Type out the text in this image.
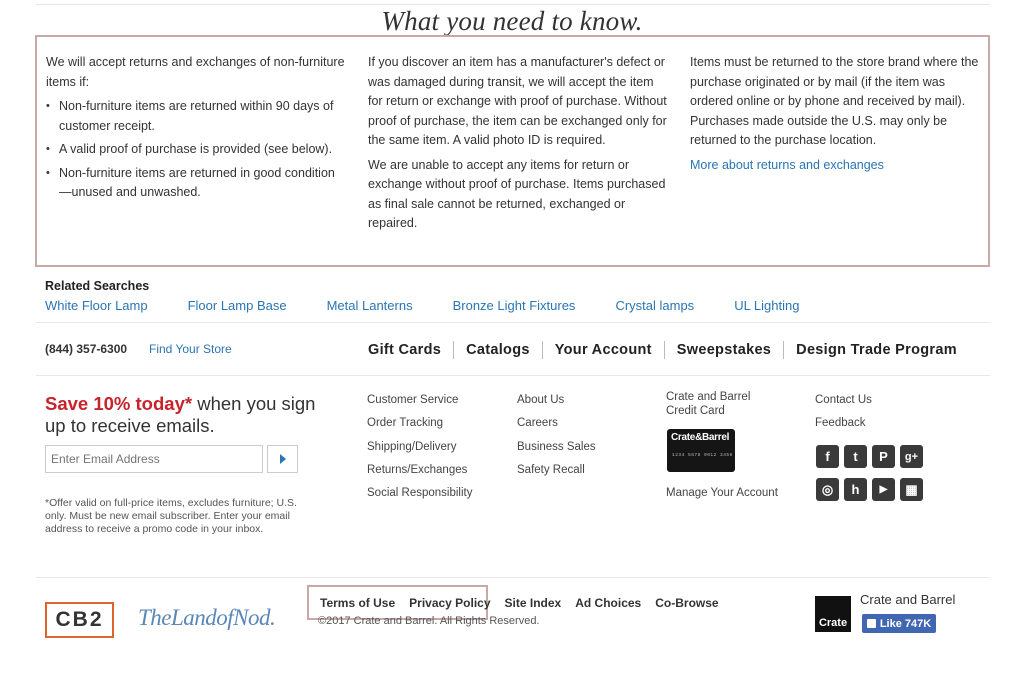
What you need to know.

We will accept returns and exchanges of non-furniture items if:

• Non-furniture items are returned within 90 days of customer receipt.
• A valid proof of purchase is provided (see below).
• Non-furniture items are returned in good condition—unused and unwashed.

If you discover an item has a manufacturer's defect or was damaged during transit, we will accept the item for return or exchange with proof of purchase. Without proof of purchase, the item can be exchanged only for the same item. A valid photo ID is required.

We are unable to accept any items for return or exchange without proof of purchase. Items purchased as final sale cannot be returned, exchanged or repaired.

Items must be returned to the store brand where the purchase originated or by mail (if the item was ordered online or by phone and received by mail). Purchases made outside the U.S. may only be returned to the purchase location.

More about returns and exchanges

Related Searches
White Floor Lamp	Floor Lamp Base	Metal Lanterns	Bronze Light Fixtures	Crystal lamps	UL Lighting
(844) 357-6300 Find Your Store	Gift Cards Catalogs Your Account Sweepstakes Design Trade Program
Save 10% today* when you sign up to receive emails.
Enter Email Address
*Offer valid on full-price items, excludes furniture; U.S. only. Must be new email subscriber. Enter your email address to receive a promo code in your inbox.
Customer Service
Order Tracking
Shipping/Delivery
Returns/Exchanges
Social Responsibility
About Us
Careers
Business Sales
Safety Recall
Crate and Barrel
Credit Card
Crate&Barrel
1234 5678 9012 3456
Manage Your Account
Contact Us
Feedback
f	t	P	g+
◎	h	▶	▦
CB2	TheLandofNod.
Terms of Use Privacy Policy Site Index Ad Choices Co-Browse
©2017 Crate and Barrel. All Rights Reserved.	Crate
Crate and Barrel
Like 747K
